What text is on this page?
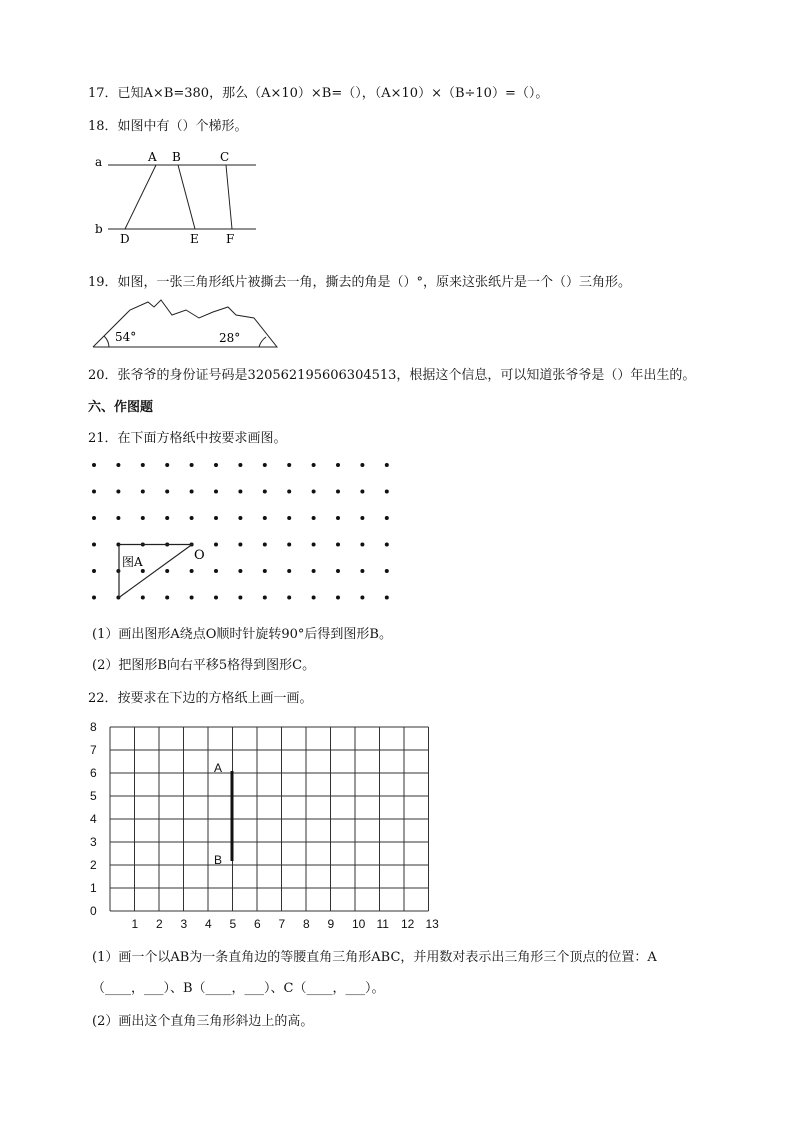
17．已知A×B=380，那么（A×10）×B=（），（A×10）×（B÷10）=（）。
18．如图中有（）个梯形。
a
b
A B	C
D	E F
19．如图，一张三角形纸片被撕去一角，撕去的角是（）°，原来这张纸片是一个（）三角形。
54°	28°
20．张爷爷的身份证号码是320562195606304513，根据这个信息，可以知道张爷爷是（）年出生的。
六、作图题
21．在下面方格纸中按要求画图。
图A	O
(1）画出图形A绕点O顺时针旋转90°后得到图形B。
(2）把图形B向右平移5格得到图形C。
22．按要求在下边的方格纸上画一画。
1 2 3 4 5 6 7 8 9 10 11 12 13
0
1
2
3
4
5
6
7
8
A
B
(1）画一个以AB为一条直角边的等腰直角三角形ABC，并用数对表示出三角形三个顶点的位置：A
（____，___）、B（____，___）、C（____，___）。
(2）画出这个直角三角形斜边上的高。
